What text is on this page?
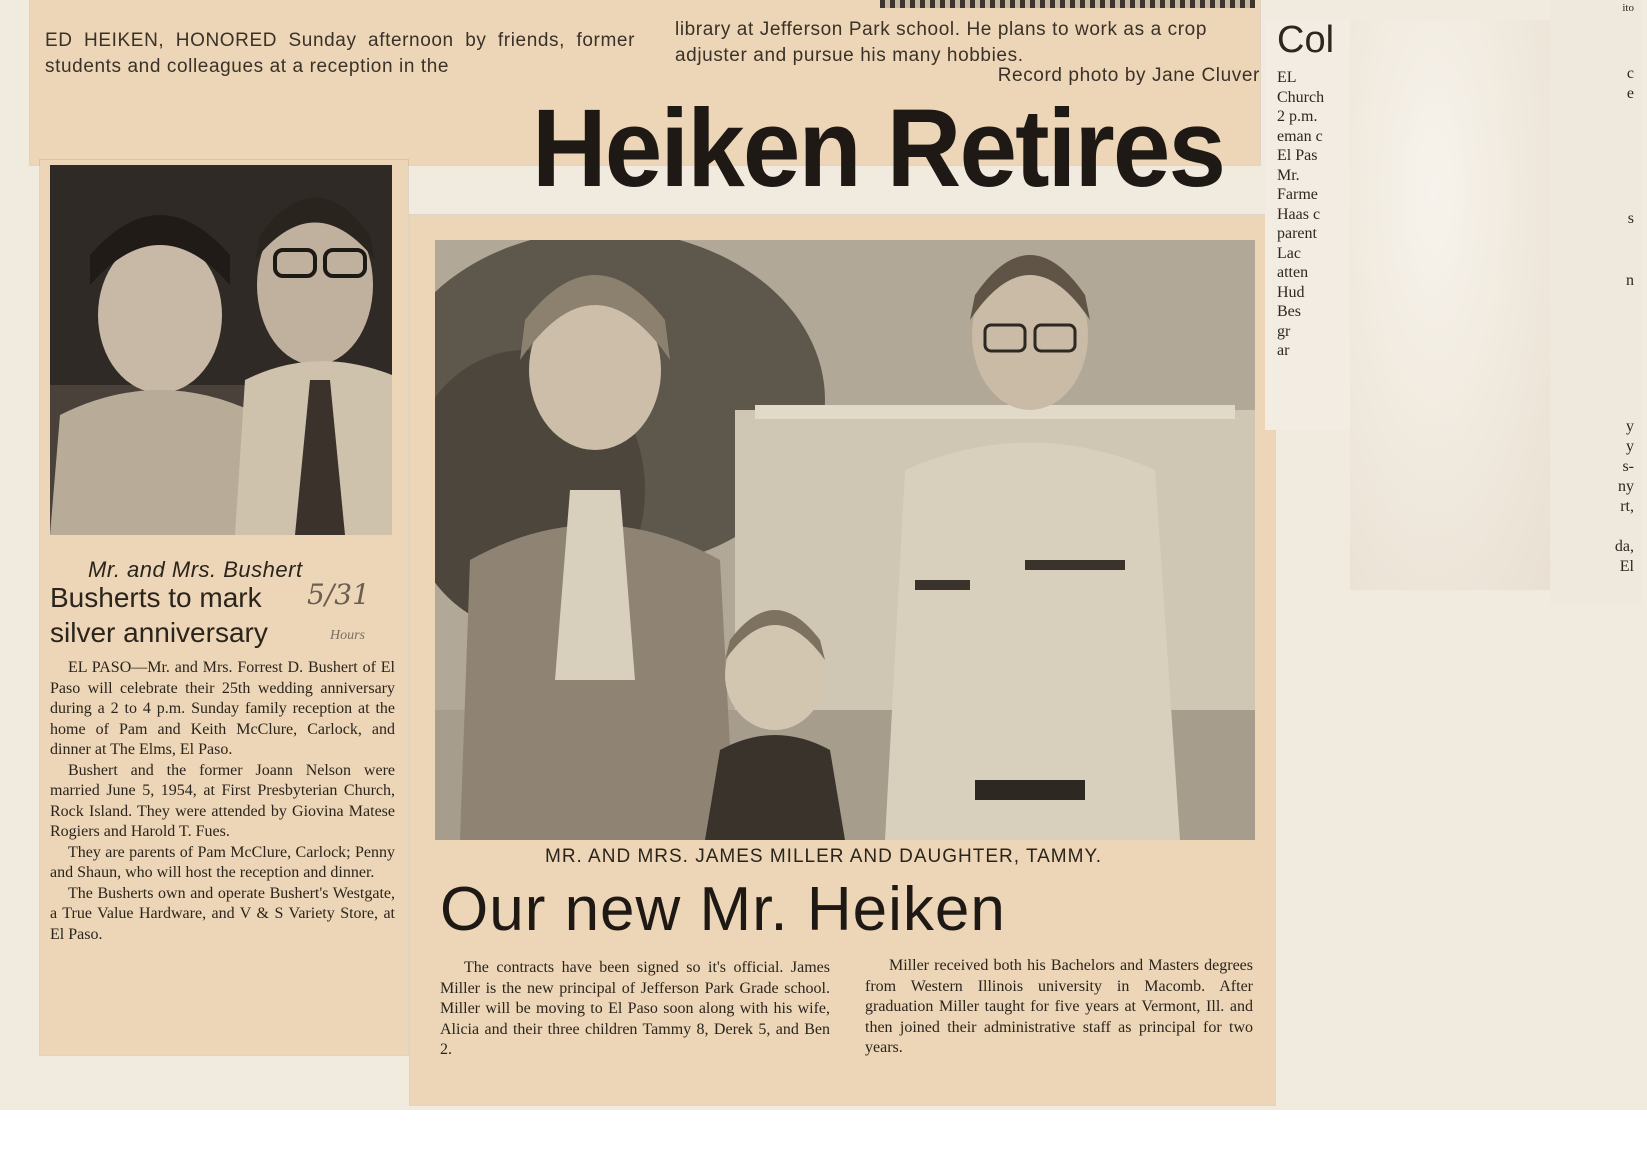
ED HEIKEN, HONORED Sunday afternoon by friends, former students and colleagues at a reception in the
library at Jefferson Park school. He plans to work as a crop adjuster and pursue his many hobbies.
Record photo by Jane Cluver
Heiken Retires
Mr. and Mrs. Bushert
Busherts to mark
silver anniversary
5/31
Hours

EL PASO—Mr. and Mrs. Forrest D. Bushert of El Paso will celebrate their 25th wedding anniversary during a 2 to 4 p.m. Sunday family reception at the home of Pam and Keith McClure, Carlock, and dinner at The Elms, El Paso.

Bushert and the former Joann Nelson were married June 5, 1954, at First Presbyterian Church, Rock Island. They were attended by Giovina Matese Rogiers and Harold T. Fues.

They are parents of Pam McClure, Carlock; Penny and Shaun, who will host the reception and dinner.

The Busherts own and operate Bushert's Westgate, a True Value Hardware, and V & S Variety Store, at El Paso.

MR. AND MRS. JAMES MILLER AND DAUGHTER, TAMMY.
Our new Mr. Heiken
The contracts have been signed so it's official. James Miller is the new principal of Jefferson Park Grade school. Miller will be moving to El Paso soon along with his wife, Alicia and their three children Tammy 8, Derek 5, and Ben 2.
Miller received both his Bachelors and Masters degrees from Western Illinois university in Macomb. After graduation Miller taught for five years at Vermont, Ill. and then joined their administrative staff as principal for two years.
Col
EL
Church
2 p.m.
eman c
El Pas
Mr.
Farme
Haas c
parent
Lac
atten
Hud
Bes
gr
ar
ito
c
e
s
n
y
y
s-
ny
rt,
da,
El
